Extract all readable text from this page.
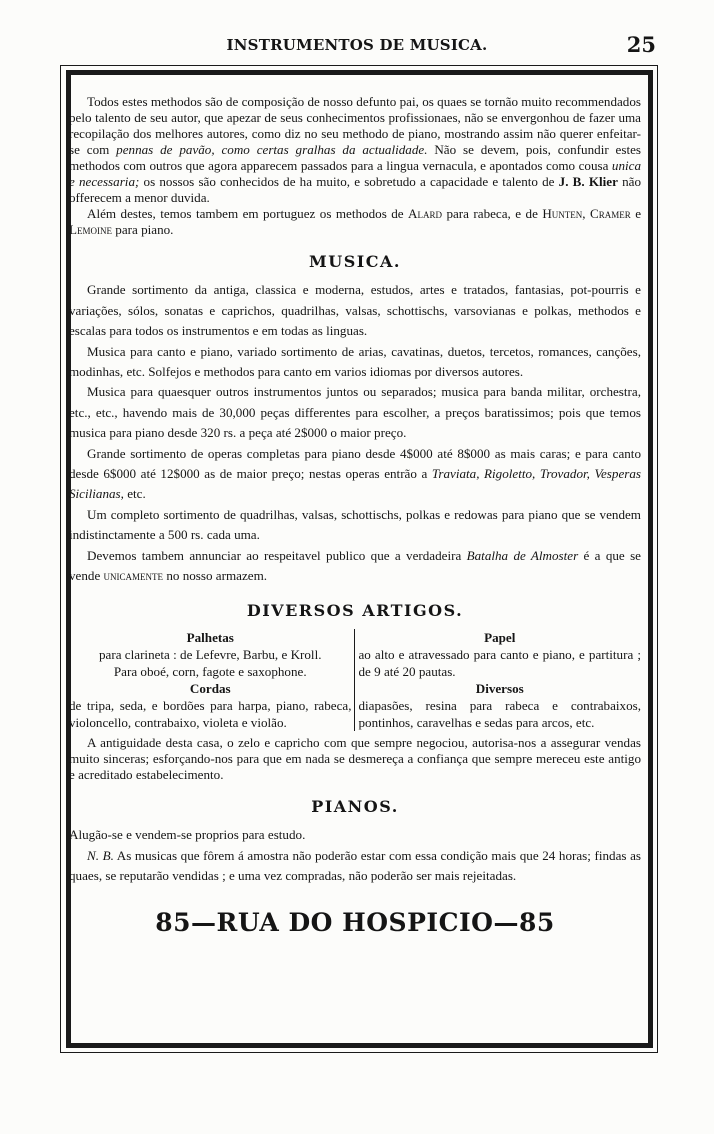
INSTRUMENTOS DE MUSICA.	25

Todos estes methodos são de composição de nosso defunto pai, os quaes se tornão muito recommendados pelo talento de seu autor, que apezar de seus conhecimentos profissionaes, não se envergonhou de fazer uma recopilação dos melhores autores, como diz no seu methodo de piano, mostrando assim não querer enfeitar-se com pennas de pavão, como certas gralhas da actualidade. Não se devem, pois, confundir estes methodos com outros que agora apparecem passados para a lingua vernacula, e apontados como cousa unica e necessaria; os nossos são conhecidos de ha muito, e sobretudo a capacidade e talento de J. B. Klier não offerecem a menor duvida.

Além destes, temos tambem em portuguez os methodos de Alard para rabeca, e de Hunten, Cramer e Lemoine para piano.

MUSICA.

Grande sortimento da antiga, classica e moderna, estudos, artes e tratados, fantasias, pot-pourris e variações, sólos, sonatas e caprichos, quadrilhas, valsas, schottischs, varsovianas e polkas, methodos e escalas para todos os instrumentos e em todas as linguas.

Musica para canto e piano, variado sortimento de arias, cavatinas, duetos, tercetos, romances, canções, modinhas, etc. Solfejos e methodos para canto em varios idiomas por diversos autores.

Musica para quaesquer outros instrumentos juntos ou separados; musica para banda militar, orchestra, etc., etc., havendo mais de 30,000 peças differentes para escolher, a preços baratissimos; pois que temos musica para piano desde 320 rs. a peça até 2$000 o maior preço.

Grande sortimento de operas completas para piano desde 4$000 até 8$000 as mais caras; e para canto desde 6$000 até 12$000 as de maior preço; nestas operas entrão a Traviata, Rigoletto, Trovador, Vesperas Sicilianas, etc.

Um completo sortimento de quadrilhas, valsas, schottischs, polkas e redowas para piano que se vendem indistinctamente a 500 rs. cada uma.

Devemos tambem annunciar ao respeitavel publico que a verdadeira Batalha de Almoster é a que se vende unicamente no nosso armazem.

DIVERSOS ARTIGOS.
Palhetas

para clarineta : de Lefevre, Barbu, e Kroll.

Para oboé, corn, fagote e saxophone.

Cordas

de tripa, seda, e bordões para harpa, piano, rabeca, violoncello, contrabaixo, violeta e violão.

Papel

ao alto e atravessado para canto e piano, e partitura ; de 9 até 20 pautas.

Diversos

diapasões, resina para rabeca e contrabaixos, pontinhos, caravelhas e sedas para arcos, etc.

A antiguidade desta casa, o zelo e capricho com que sempre negociou, autorisa-nos a assegurar vendas muito sinceras; esforçando-nos para que em nada se desmereça a confiança que sempre mereceu este antigo e acreditado estabelecimento.

PIANOS.

Alugão-se e vendem-se proprios para estudo.

N. B. As musicas que fôrem á amostra não poderão estar com essa condição mais que 24 horas; findas as quaes, se reputarão vendidas ; e uma vez compradas, não poderão ser mais rejeitadas.

85—RUA DO HOSPICIO—85
